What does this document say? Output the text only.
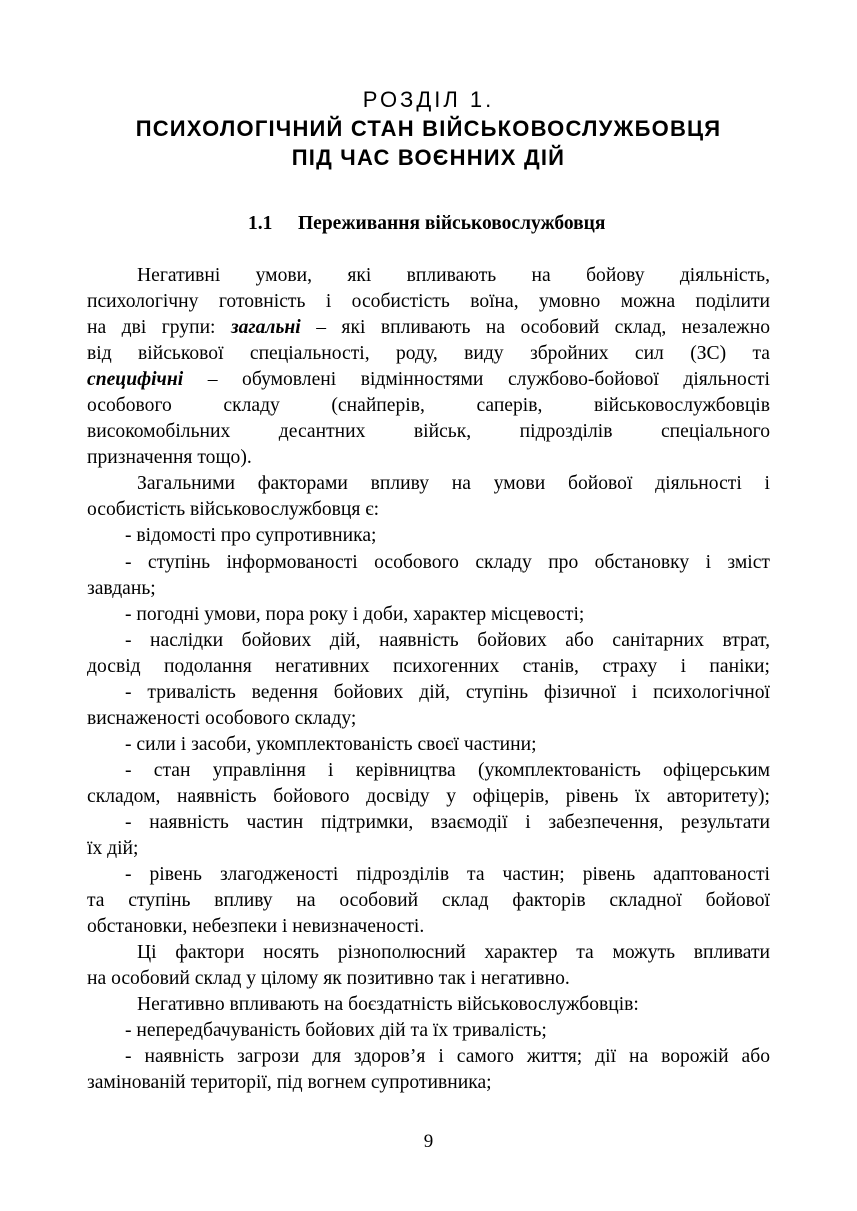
РОЗДІЛ 1.
ПСИХОЛОГІЧНИЙ СТАН ВІЙСЬКОВОСЛУЖБОВЦЯ
ПІД ЧАС ВОЄННИХ ДІЙ
1.1 Переживання військовослужбовця
Негативні умови, які впливають на бойову діяльність,
психологічну готовність і особистість воїна, умовно можна поділити
на дві групи: загальні – які впливають на особовий склад, незалежно
від військової спеціальності, роду, виду збройних сил (ЗС) та
специфічні – обумовлені відмінностями службово-бойової діяльності
особового складу (снайперів, саперів, військовослужбовців
високомобільних десантних військ, підрозділів спеціального
призначення тощо).
Загальними факторами впливу на умови бойової діяльності і
особистість військовослужбовця є:
- відомості про супротивника;
- ступінь інформованості особового складу про обстановку і зміст
завдань;
- погодні умови, пора року і доби, характер місцевості;
- наслідки бойових дій, наявність бойових або санітарних втрат,
досвід подолання негативних психогенних станів, страху і паніки;
- тривалість ведення бойових дій, ступінь фізичної і психологічної
виснаженості особового складу;
- сили і засоби, укомплектованість своєї частини;
- стан управління і керівництва (укомплектованість офіцерським
складом, наявність бойового досвіду у офіцерів, рівень їх авторитету);
- наявність частин підтримки, взаємодії і забезпечення, результати
їх дій;
- рівень злагодженості підрозділів та частин; рівень адаптованості
та ступінь впливу на особовий склад факторів складної бойової
обстановки, небезпеки і невизначеності.
Ці фактори носять різнополюсний характер та можуть впливати
на особовий склад у цілому як позитивно так і негативно.
Негативно впливають на боєздатність військовослужбовців:
- непередбачуваність бойових дій та їх тривалість;
- наявність загрози для здоров’я і самого життя; дії на ворожій або
замінованій території, під вогнем супротивника;
9
